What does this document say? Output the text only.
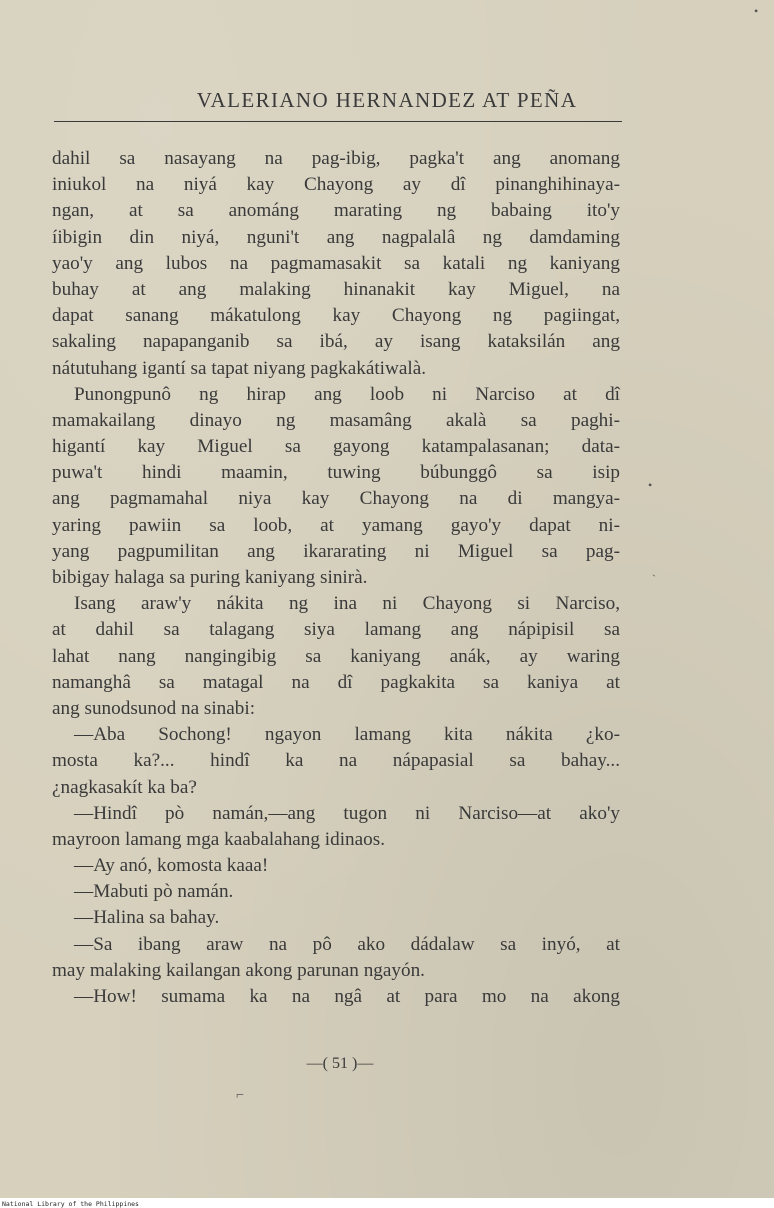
VALERIANO HERNANDEZ AT PEÑA
dahil sa nasayang na pag-ibig, pagka't ang anomang
iniukol na niyá kay Chayong ay dî pinanghihinaya-
ngan, at sa anománg marating ng babaing ito'y
íibigin din niyá, nguni't ang nagpalalâ ng damdaming
yao'y ang lubos na pagmamasakit sa katali ng kaniyang
buhay at ang malaking hinanakit kay Miguel, na
dapat sanang mákatulong kay Chayong ng pagiingat,
sakaling napapanganib sa ibá, ay isang kataksilán ang
nátutuhang igantí sa tapat niyang pagkakátiwalà.
Punongpunô ng hirap ang loob ni Narciso at dî
mamakailang dinayo ng masamâng akalà sa paghi-
higantí kay Miguel sa gayong katampalasanan; data-
puwa't hindi maamin, tuwing búbunggô sa isip
ang pagmamahal niya kay Chayong na di mangya-
yaring pawiin sa loob, at yamang gayo'y dapat ni-
yang pagpumilitan ang ikararating ni Miguel sa pag-
bibigay halaga sa puring kaniyang sinirà.
Isang araw'y nákita ng ina ni Chayong si Narciso,
at dahil sa talagang siya lamang ang nápipisil sa
lahat nang nangingibig sa kaniyang anák, ay waring
namanghâ sa matagal na dî pagkakita sa kaniya at
ang sunodsunod na sinabi:
—Aba Sochong! ngayon lamang kita nákita ¿ko-
mosta ka?... hindî ka na nápapasial sa bahay...
¿nagkasakít ka ba?
—Hindî pò namán,—ang tugon ni Narciso—at ako'y
mayroon lamang mga kaabalahang idinaos.
—Ay anó, komosta kaaa!
—Mabuti pò namán.
—Halina sa bahay.
—Sa ibang araw na pô ako dádalaw sa inyó, at
may malaking kailangan akong parunan ngayón.
—How! sumama ka na ngâ at para mo na akong
—( 51 )—
⌐
•
ˋ
•
National Library of the Philippines
